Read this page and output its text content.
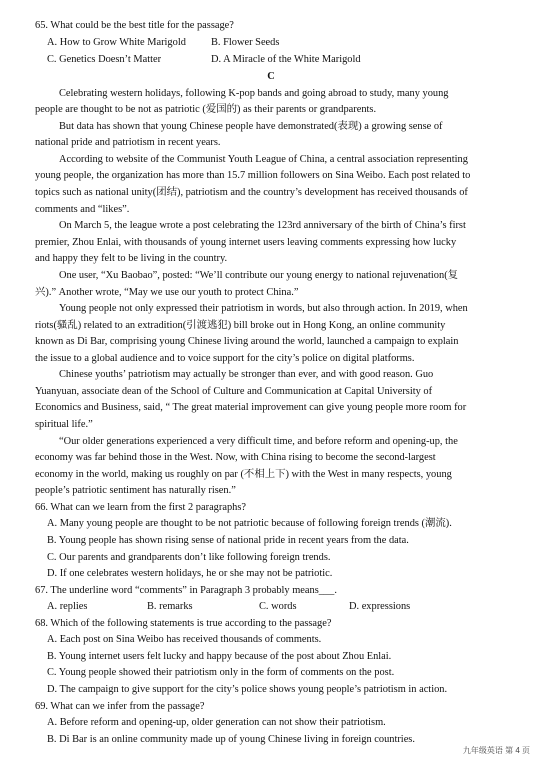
65. What could be the best title for the passage?
A. How to Grow White Marigold B. Flower Seeds
C. Genetics Doesn’t Matter	D. A Miracle of the White Marigold
C
Celebrating western holidays, following K-pop bands and going abroad to study, many young
people are thought to be not as patriotic (爱国的) as their parents or grandparents.
But data has shown that young Chinese people have demonstrated(表现) a growing sense of
national pride and patriotism in recent years.
According to website of the Communist Youth League of China, a central association representing
young people, the organization has more than 15.7 million followers on Sina Weibo. Each post related to
topics such as national unity(团结), patriotism and the country’s development has received thousands of
comments and “likes”.
On March 5, the league wrote a post celebrating the 123rd anniversary of the birth of China’s first
premier, Zhou Enlai, with thousands of young internet users leaving comments expressing how lucky
and happy they felt to be living in the country.
One user, “Xu Baobao”, posted: “We’ll contribute our young energy to national rejuvenation(复
兴).” Another wrote, “May we use our youth to protect China.”
Young people not only expressed their patriotism in words, but also through action. In 2019, when
riots(骚乱) related to an extradition(引渡逃犯) bill broke out in Hong Kong, an online community
known as Di Bar, comprising young Chinese living around the world, launched a campaign to explain
the issue to a global audience and to voice support for the city’s police on digital platforms.
Chinese youths’ patriotism may actually be stronger than ever, and with good reason. Guo
Yuanyuan, associate dean of the School of Culture and Communication at Capital University of
Economics and Business, said, “ The great material improvement can give young people more room for
spiritual life.”
“Our older generations experienced a very difficult time, and before reform and opening-up, the
economy was far behind those in the West. Now, with China rising to become the second-largest
economy in the world, making us roughly on par (不相上下) with the West in many respects, young
people’s patriotic sentiment has naturally risen.”
66. What can we learn from the first 2 paragraphs?
A. Many young people are thought to be not patriotic because of following foreign trends (潮流).
B. Young people has shown rising sense of national pride in recent years from the data.
C. Our parents and grandparents don’t like following foreign trends.
D. If one celebrates western holidays, he or she may not be patriotic.
67. The underline word “comments” in Paragraph 3 probably means___.
A. replies	B. remarks	C. words	D. expressions
68. Which of the following statements is true according to the passage?
A. Each post on Sina Weibo has received thousands of comments.
B. Young internet users felt lucky and happy because of the post about Zhou Enlai.
C. Young people showed their patriotism only in the form of comments on the post.
D. The campaign to give support for the city’s police shows young people’s patriotism in action.
69. What can we infer from the passage?
A. Before reform and opening-up, older generation can not show their patriotism.
B. Di Bar is an online community made up of young Chinese living in foreign countries.
九年级英语 第 4 页
